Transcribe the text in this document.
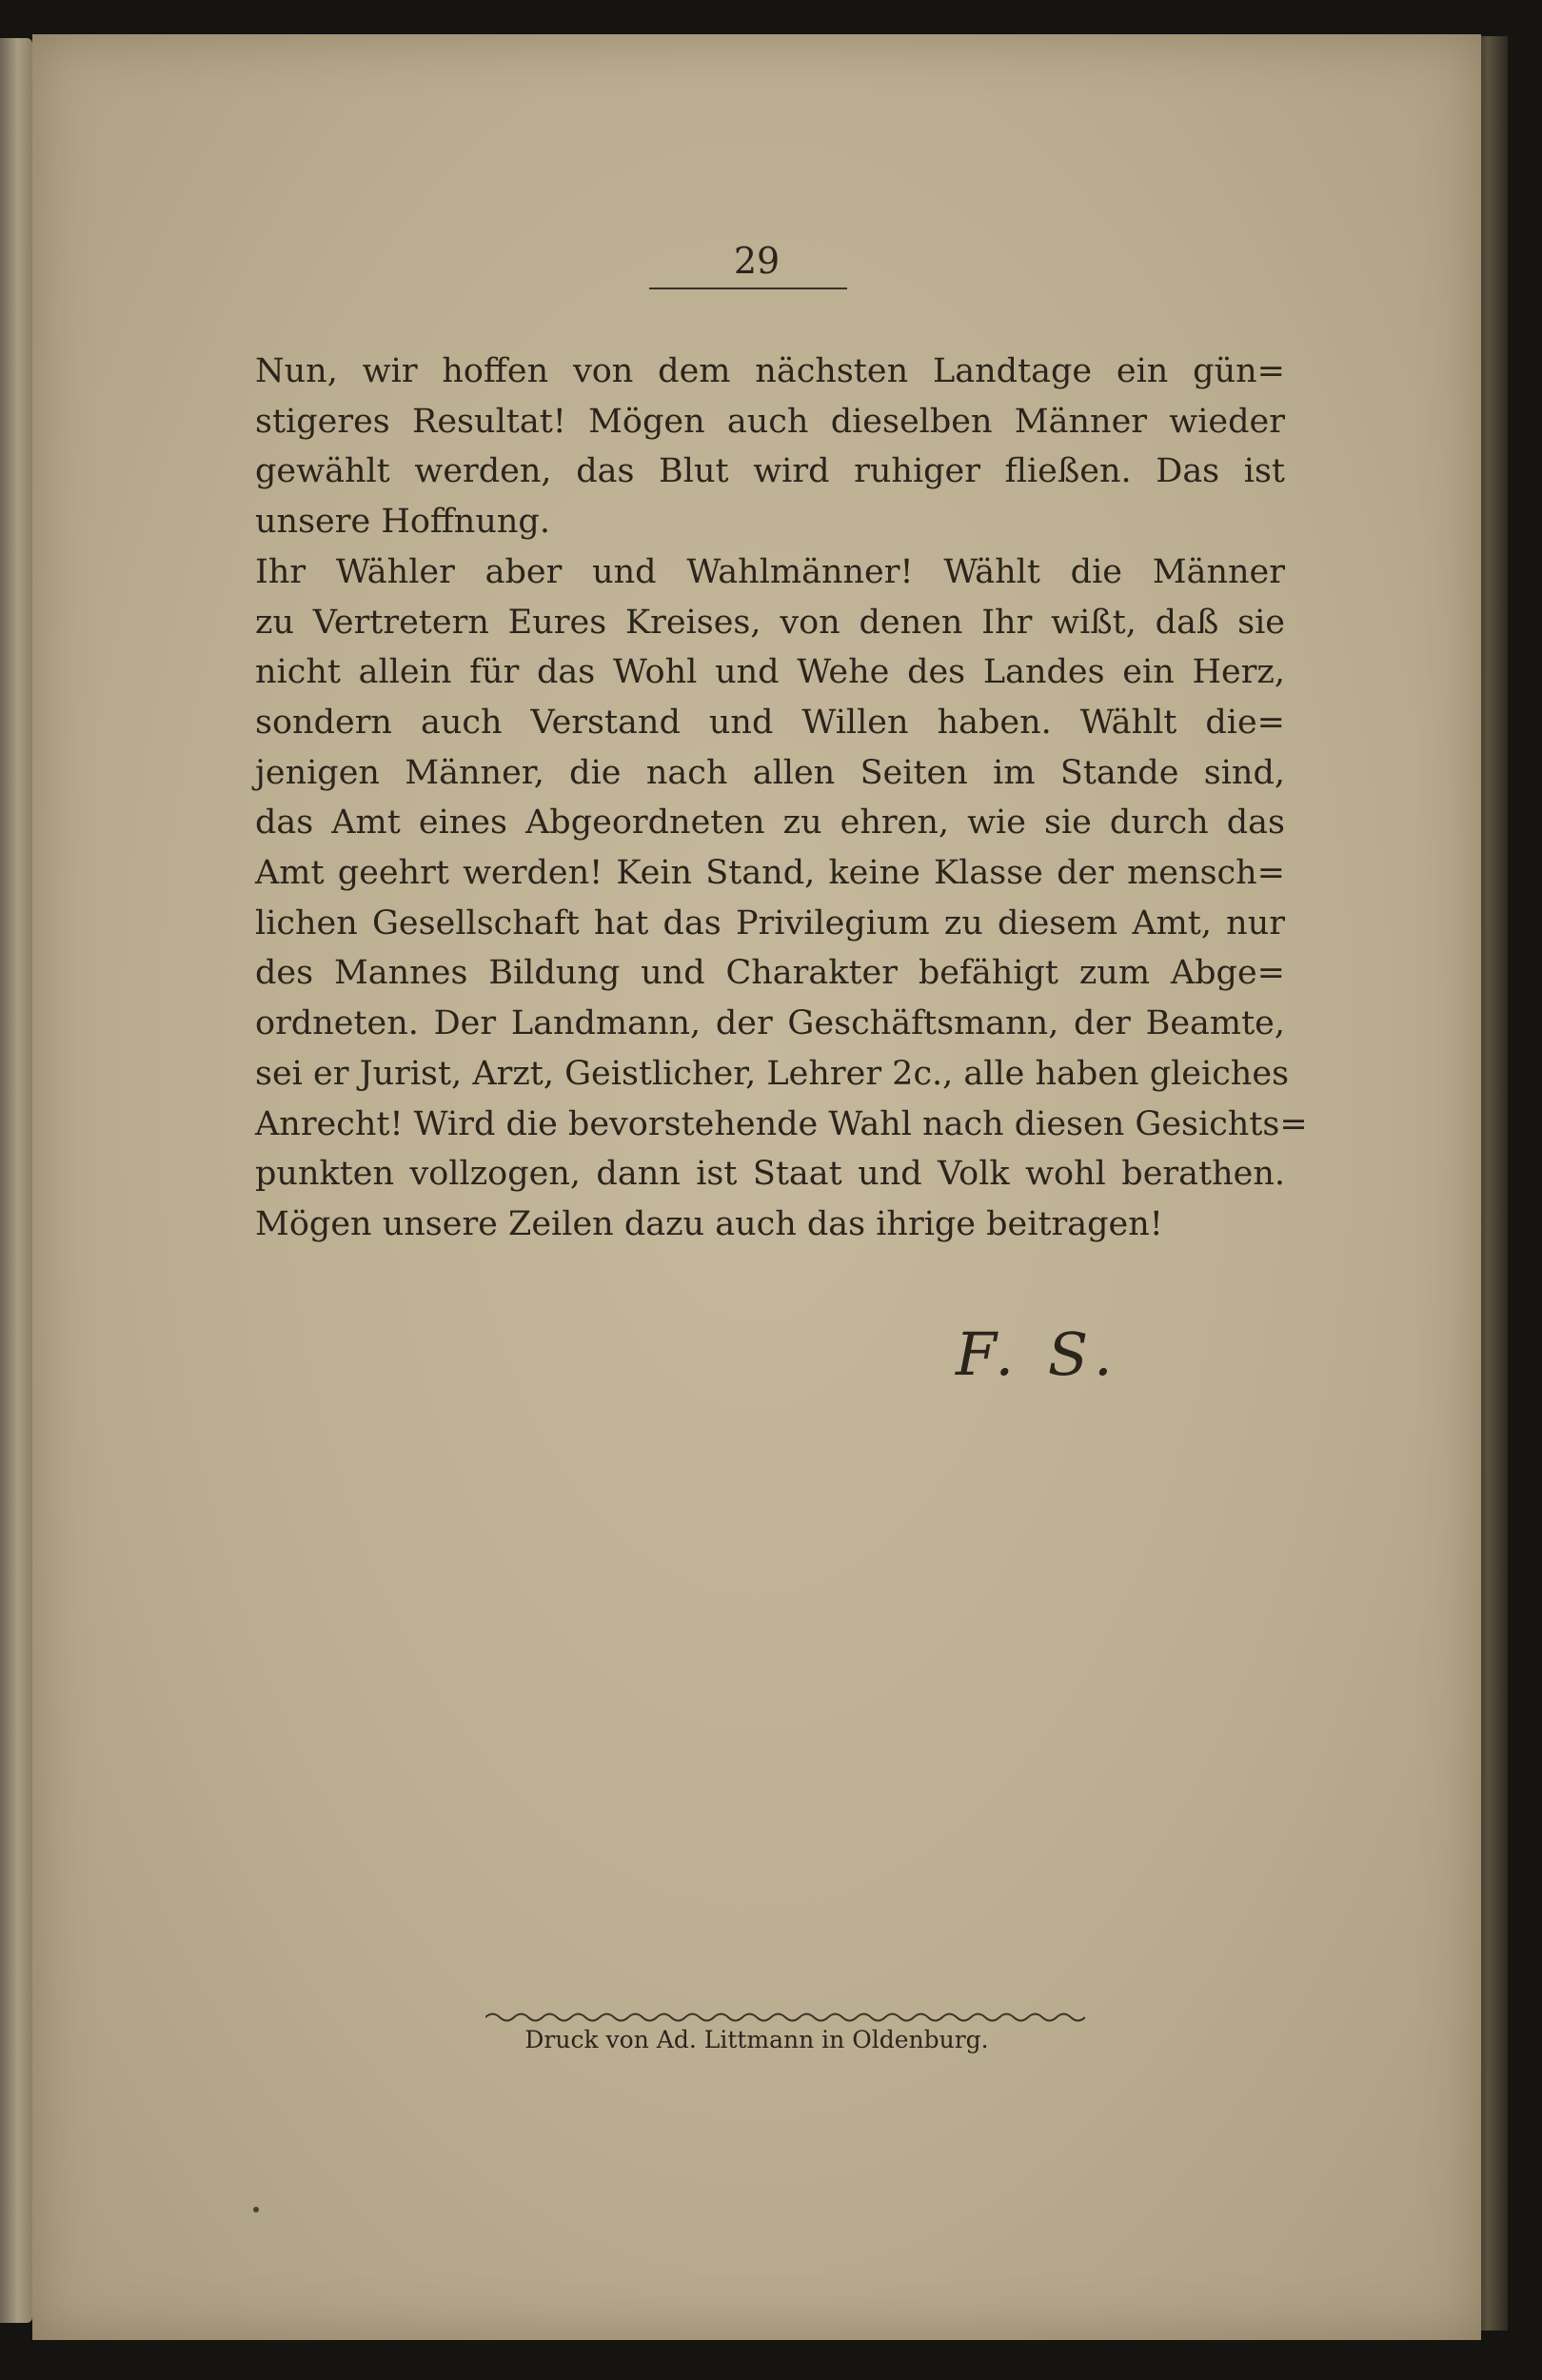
29
Nun, wir hoffen von dem nächsten Landtage ein gün=
stigeres Resultat! Mögen auch dieselben Männer wieder
gewählt werden, das Blut wird ruhiger fließen. Das ist
unsere Hoffnung.
Ihr Wähler aber und Wahlmänner! Wählt die Männer
zu Vertretern Eures Kreises, von denen Ihr wißt, daß sie
nicht allein für das Wohl und Wehe des Landes ein Herz,
sondern auch Verstand und Willen haben. Wählt die=
jenigen Männer, die nach allen Seiten im Stande sind,
das Amt eines Abgeordneten zu ehren, wie sie durch das
Amt geehrt werden! Kein Stand, keine Klasse der mensch=
lichen Gesellschaft hat das Privilegium zu diesem Amt, nur
des Mannes Bildung und Charakter befähigt zum Abge=
ordneten. Der Landmann, der Geschäftsmann, der Beamte,
sei er Jurist, Arzt, Geistlicher, Lehrer 2c., alle haben gleiches
Anrecht! Wird die bevorstehende Wahl nach diesen Gesichts=
punkten vollzogen, dann ist Staat und Volk wohl berathen.
Mögen unsere Zeilen dazu auch das ihrige beitragen!
F. S.
Druck von Ad. Littmann in Oldenburg.
